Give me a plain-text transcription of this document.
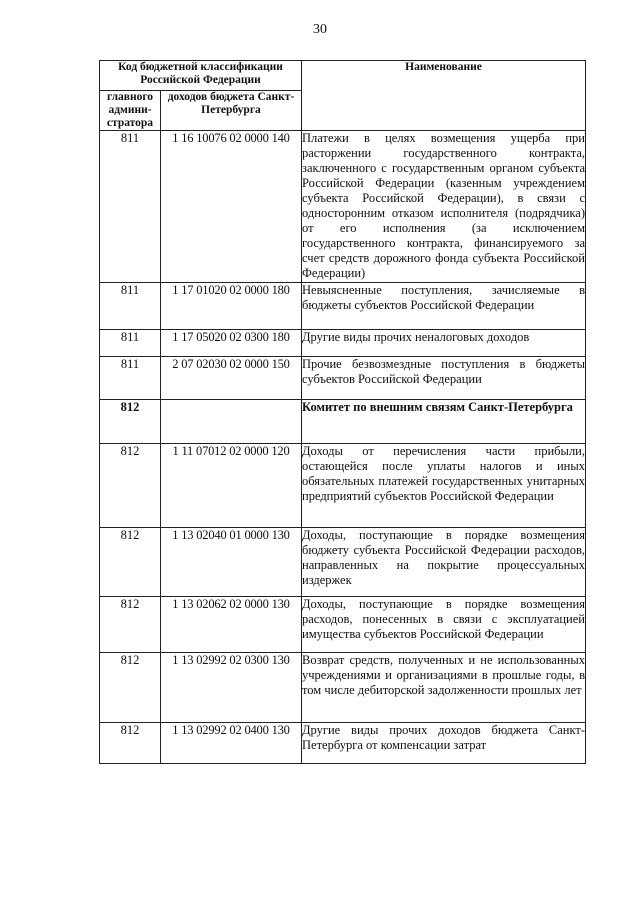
30
Код бюджетной классификации Российской Федерации		Наименование
главного админи-стратора	доходов бюджета Санкт-Петербурга	
811	1 16 10076 02 0000 140	Платежи в целях возмещения ущерба при расторжении государственного контракта, заключенного с государственным органом субъекта Российской Федерации (казенным учреждением субъекта Российской Федерации), в связи с односторонним отказом исполнителя (подрядчика) от его исполнения (за исключением государственного контракта, финансируемого за счет средств дорожного фонда субъекта Российской Федерации)
811	1 17 01020 02 0000 180	Невыясненные поступления, зачисляемые в бюджеты субъектов Российской Федерации
811	1 17 05020 02 0300 180	Другие виды прочих неналоговых доходов
811	2 07 02030 02 0000 150	Прочие безвозмездные поступления в бюджеты субъектов Российской Федерации
812		Комитет по внешним связям Санкт-Петербурга
812	1 11 07012 02 0000 120	Доходы от перечисления части прибыли, остающейся после уплаты налогов и иных обязательных платежей государственных унитарных предприятий субъектов Российской Федерации
812	1 13 02040 01 0000 130	Доходы, поступающие в порядке возмещения бюджету субъекта Российской Федерации расходов, направленных на покрытие процессуальных издержек
812	1 13 02062 02 0000 130	Доходы, поступающие в порядке возмещения расходов, понесенных в связи с эксплуатацией имущества субъектов Российской Федерации
812	1 13 02992 02 0300 130	Возврат средств, полученных и не использованных учреждениями и организациями в прошлые годы, в том числе дебиторской задолженности прошлых лет
812	1 13 02992 02 0400 130	Другие виды прочих доходов бюджета Санкт-Петербурга от компенсации затрат
